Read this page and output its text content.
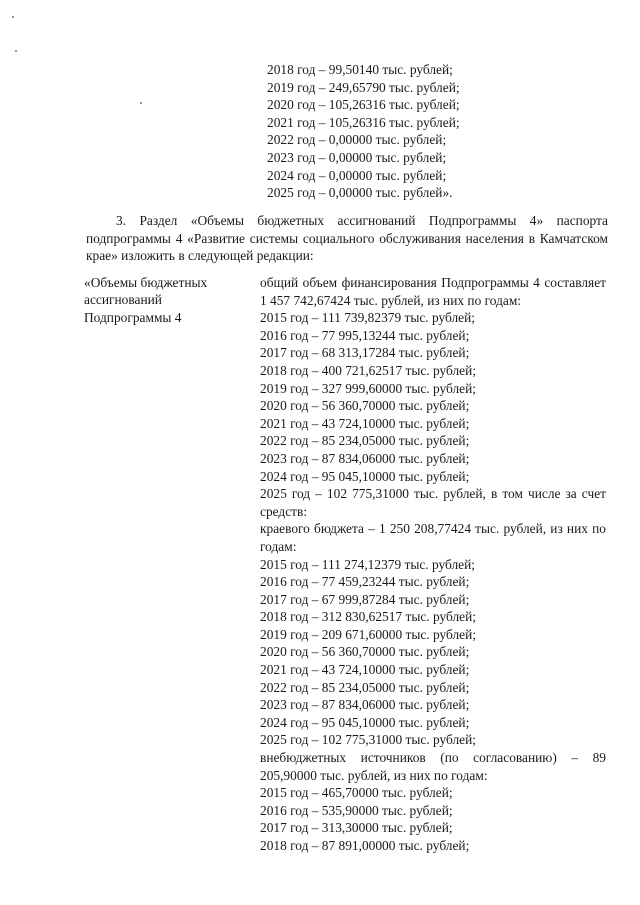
2018 год – 99,50140 тыс. рублей;
2019 год – 249,65790 тыс. рублей;
2020 год – 105,26316 тыс. рублей;
2021 год – 105,26316 тыс. рублей;
2022 год – 0,00000 тыс. рублей;
2023 год – 0,00000 тыс. рублей;
2024 год – 0,00000 тыс. рублей;
2025 год – 0,00000 тыс. рублей».
3. Раздел «Объемы бюджетных ассигнований Подпрограммы 4» паспорта подпрограммы 4 «Развитие системы социального обслуживания населения в Камчатском крае» изложить в следующей редакции:
«Объемы бюджетных
ассигнований
Подпрограммы 4
общий объем финансирования Подпрограммы 4 составляет 1 457 742,67424 тыс. рублей, из них по годам:
2015 год – 111 739,82379 тыс. рублей;
2016 год – 77 995,13244 тыс. рублей;
2017 год – 68 313,17284 тыс. рублей;
2018 год – 400 721,62517 тыс. рублей;
2019 год – 327 999,60000 тыс. рублей;
2020 год – 56 360,70000 тыс. рублей;
2021 год – 43 724,10000 тыс. рублей;
2022 год – 85 234,05000 тыс. рублей;
2023 год – 87 834,06000 тыс. рублей;
2024 год – 95 045,10000 тыс. рублей;
2025 год – 102 775,31000 тыс. рублей, в том числе за счет средств:
краевого бюджета – 1 250 208,77424 тыс. рублей, из них по годам:
2015 год – 111 274,12379 тыс. рублей;
2016 год – 77 459,23244 тыс. рублей;
2017 год – 67 999,87284 тыс. рублей;
2018 год – 312 830,62517 тыс. рублей;
2019 год – 209 671,60000 тыс. рублей;
2020 год – 56 360,70000 тыс. рублей;
2021 год – 43 724,10000 тыс. рублей;
2022 год – 85 234,05000 тыс. рублей;
2023 год – 87 834,06000 тыс. рублей;
2024 год – 95 045,10000 тыс. рублей;
2025 год – 102 775,31000 тыс. рублей;
внебюджетных источников (по согласованию) – 89 205,90000 тыс. рублей, из них по годам:
2015 год – 465,70000 тыс. рублей;
2016 год – 535,90000 тыс. рублей;
2017 год – 313,30000 тыс. рублей;
2018 год – 87 891,00000 тыс. рублей;
